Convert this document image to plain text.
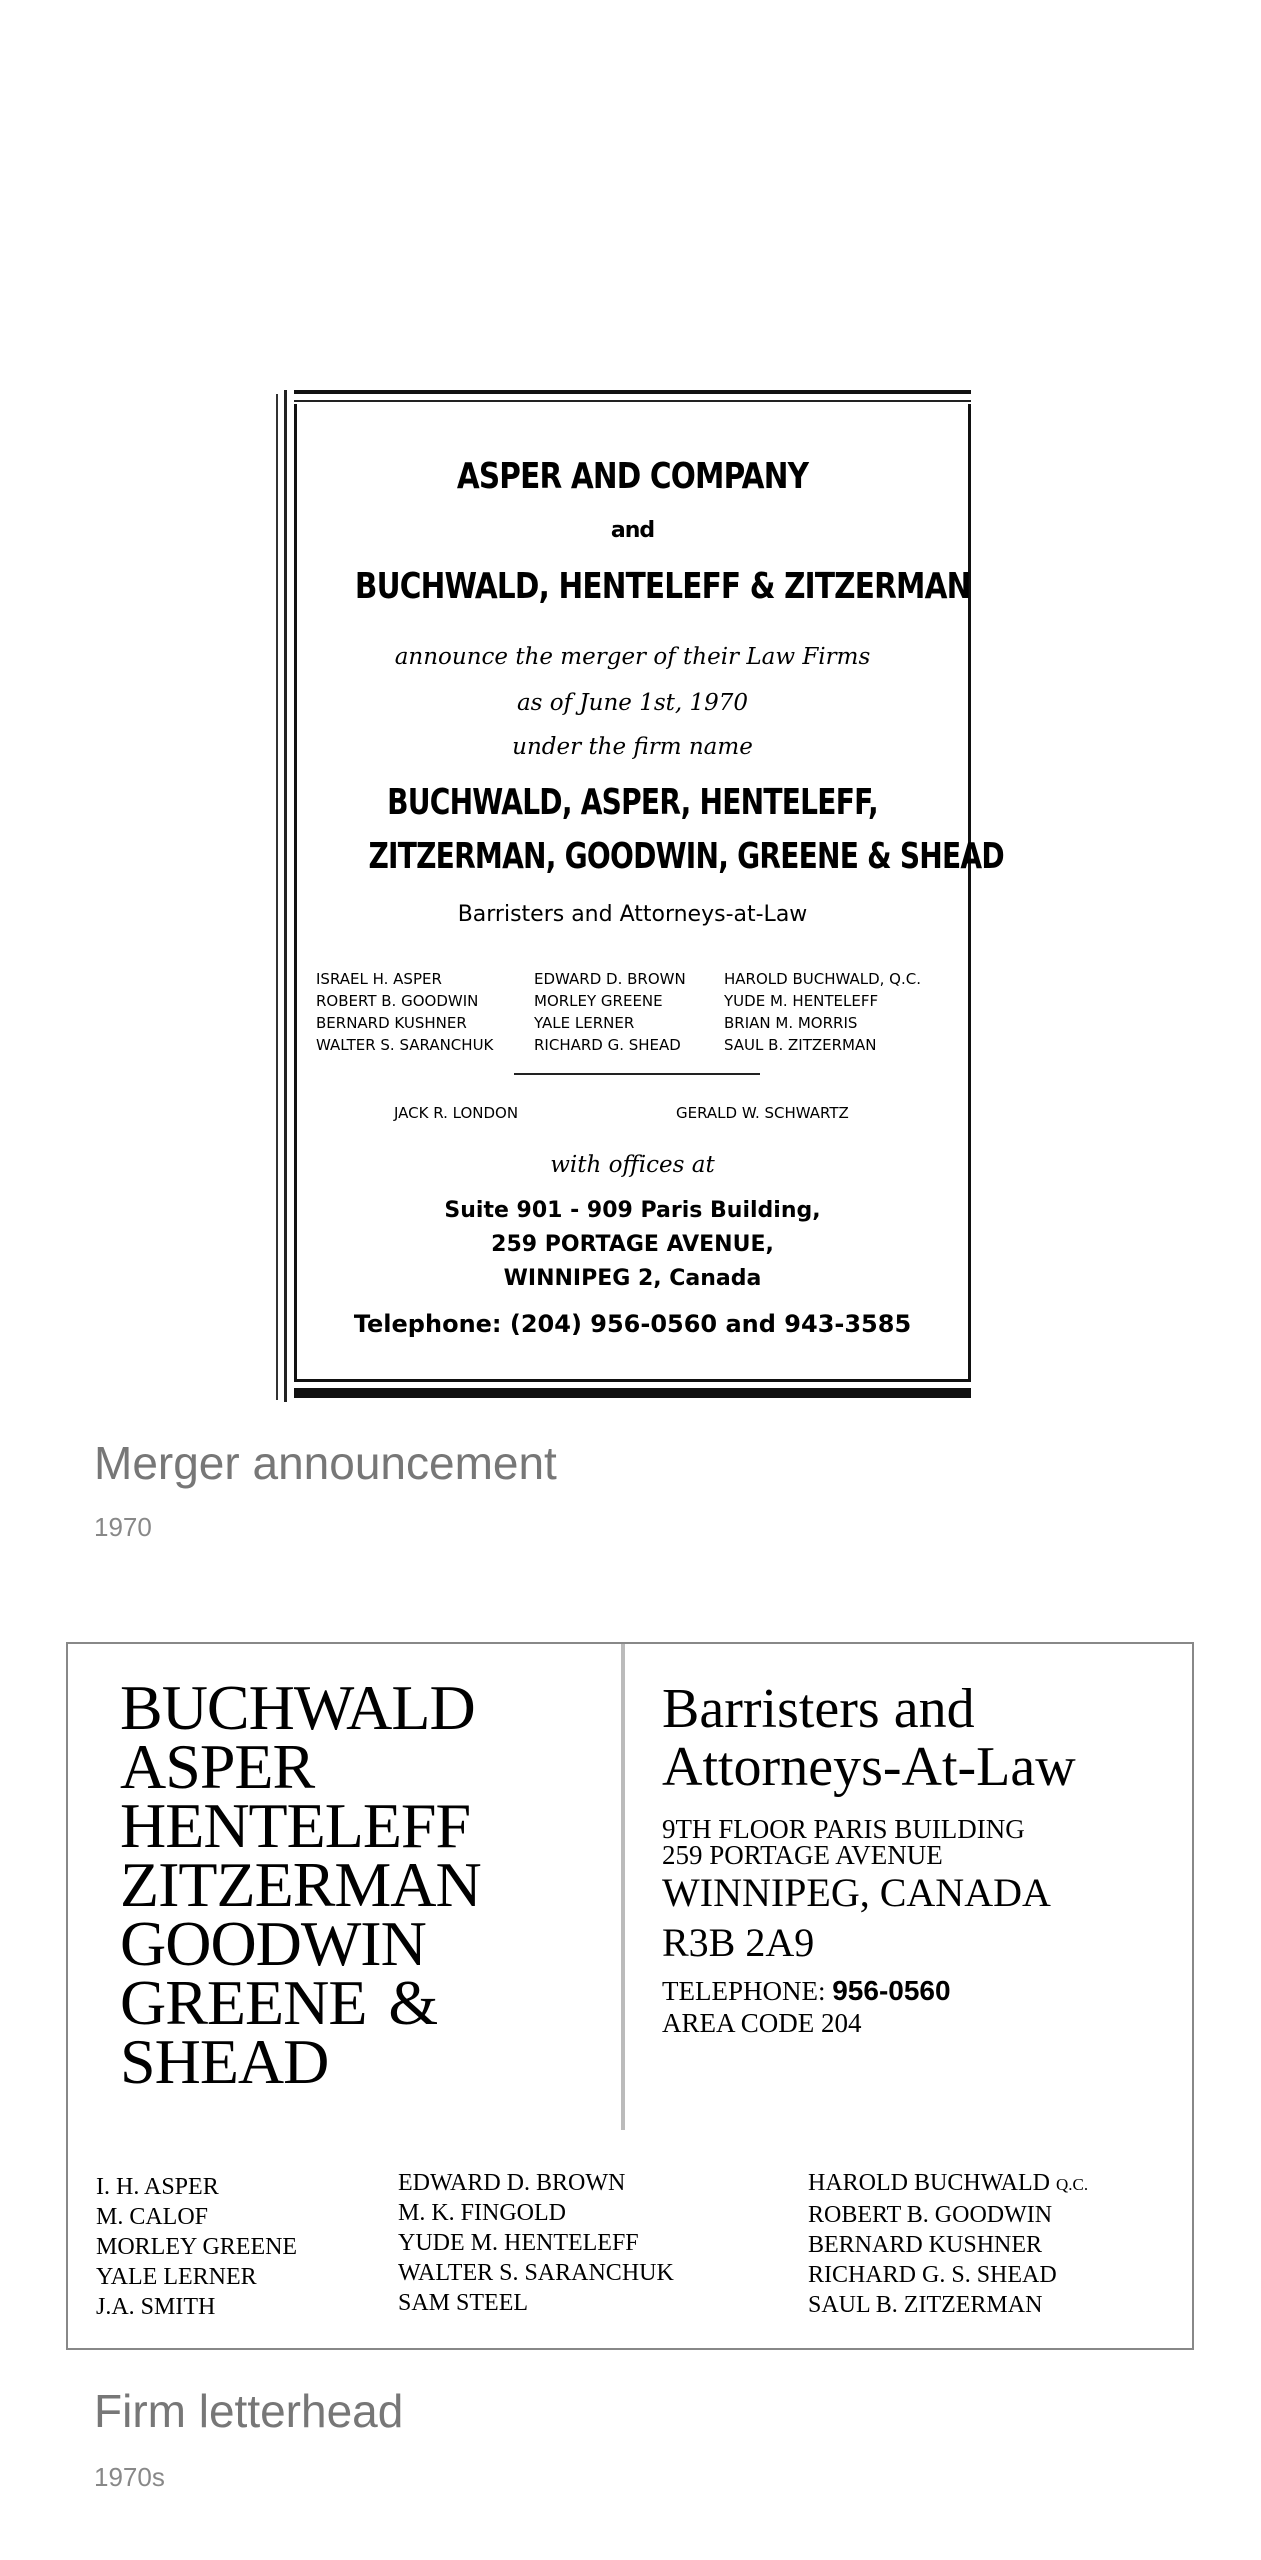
ASPER AND COMPANY
and
BUCHWALD, HENTELEFF & ZITZERMAN
announce the merger of their Law Firms
as of June 1st, 1970
under the firm name
BUCHWALD, ASPER, HENTELEFF,
ZITZERMAN, GOODWIN, GREENE & SHEAD
Barristers and Attorneys-at-Law
ISRAEL H. ASPER
ROBERT B. GOODWIN
BERNARD KUSHNER
WALTER S. SARANCHUK
EDWARD D. BROWN
MORLEY GREENE
YALE LERNER
RICHARD G. SHEAD
HAROLD BUCHWALD, Q.C.
YUDE M. HENTELEFF
BRIAN M. MORRIS
SAUL B. ZITZERMAN
JACK R. LONDON	GERALD W. SCHWARTZ
with offices at
Suite 901 - 909 Paris Building,
259 PORTAGE AVENUE,
WINNIPEG 2, Canada
Telephone: (204) 956-0560 and 943-3585
Merger announcement
1970
BUCHWALD
ASPER
HENTELEFF
ZITZERMAN
GOODWIN
GREENE &
SHEAD
Barristers and
Attorneys-At-Law
9TH FLOOR PARIS BUILDING
259 PORTAGE AVENUE
WINNIPEG, CANADA
R3B 2A9
TELEPHONE: 956-0560
AREA CODE 204
I. H. ASPER
M. CALOF
MORLEY GREENE
YALE LERNER
J.A. SMITH
EDWARD D. BROWN
M. K. FINGOLD
YUDE M. HENTELEFF
WALTER S. SARANCHUK
SAM STEEL
HAROLD BUCHWALD Q.C.
ROBERT B. GOODWIN
BERNARD KUSHNER
RICHARD G. S. SHEAD
SAUL B. ZITZERMAN
Firm letterhead
1970s
